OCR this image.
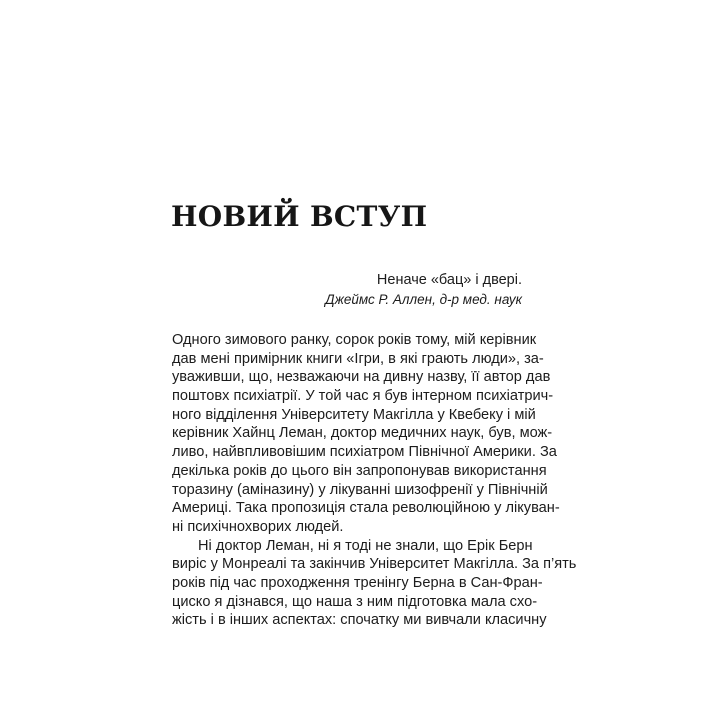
НОВИЙ ВСТУП
Неначе «бац» і двері.
Джеймс Р. Аллен, д-р мед. наук
Одного зимового ранку, сорок років тому, мій керівник
дав мені примірник книги «Ігри, в які грають люди», за-
уваживши, що, незважаючи на дивну назву, її автор дав
поштовх психіатрії. У той час я був інтерном психіатрич-
ного відділення Університету Макгілла у Квебеку і мій
керівник Хайнц Леман, доктор медичних наук, був, мож-
ливо, найвпливовішим психіатром Північної Америки. За
декілька років до цього він запропонував використання
торазину (аміназину) у лікуванні шизофренії у Північній
Америці. Така пропозиція стала революційною у лікуван-
ні психічнохворих людей.
Ні доктор Леман, ні я тоді не знали, що Ерік Берн
виріс у Монреалі та закінчив Університет Макгілла. За п’ять
років під час проходження тренінгу Берна в Сан-Фран-
циско я дізнався, що наша з ним підготовка мала схо-
жість і в інших аспектах: спочатку ми вивчали класичну
